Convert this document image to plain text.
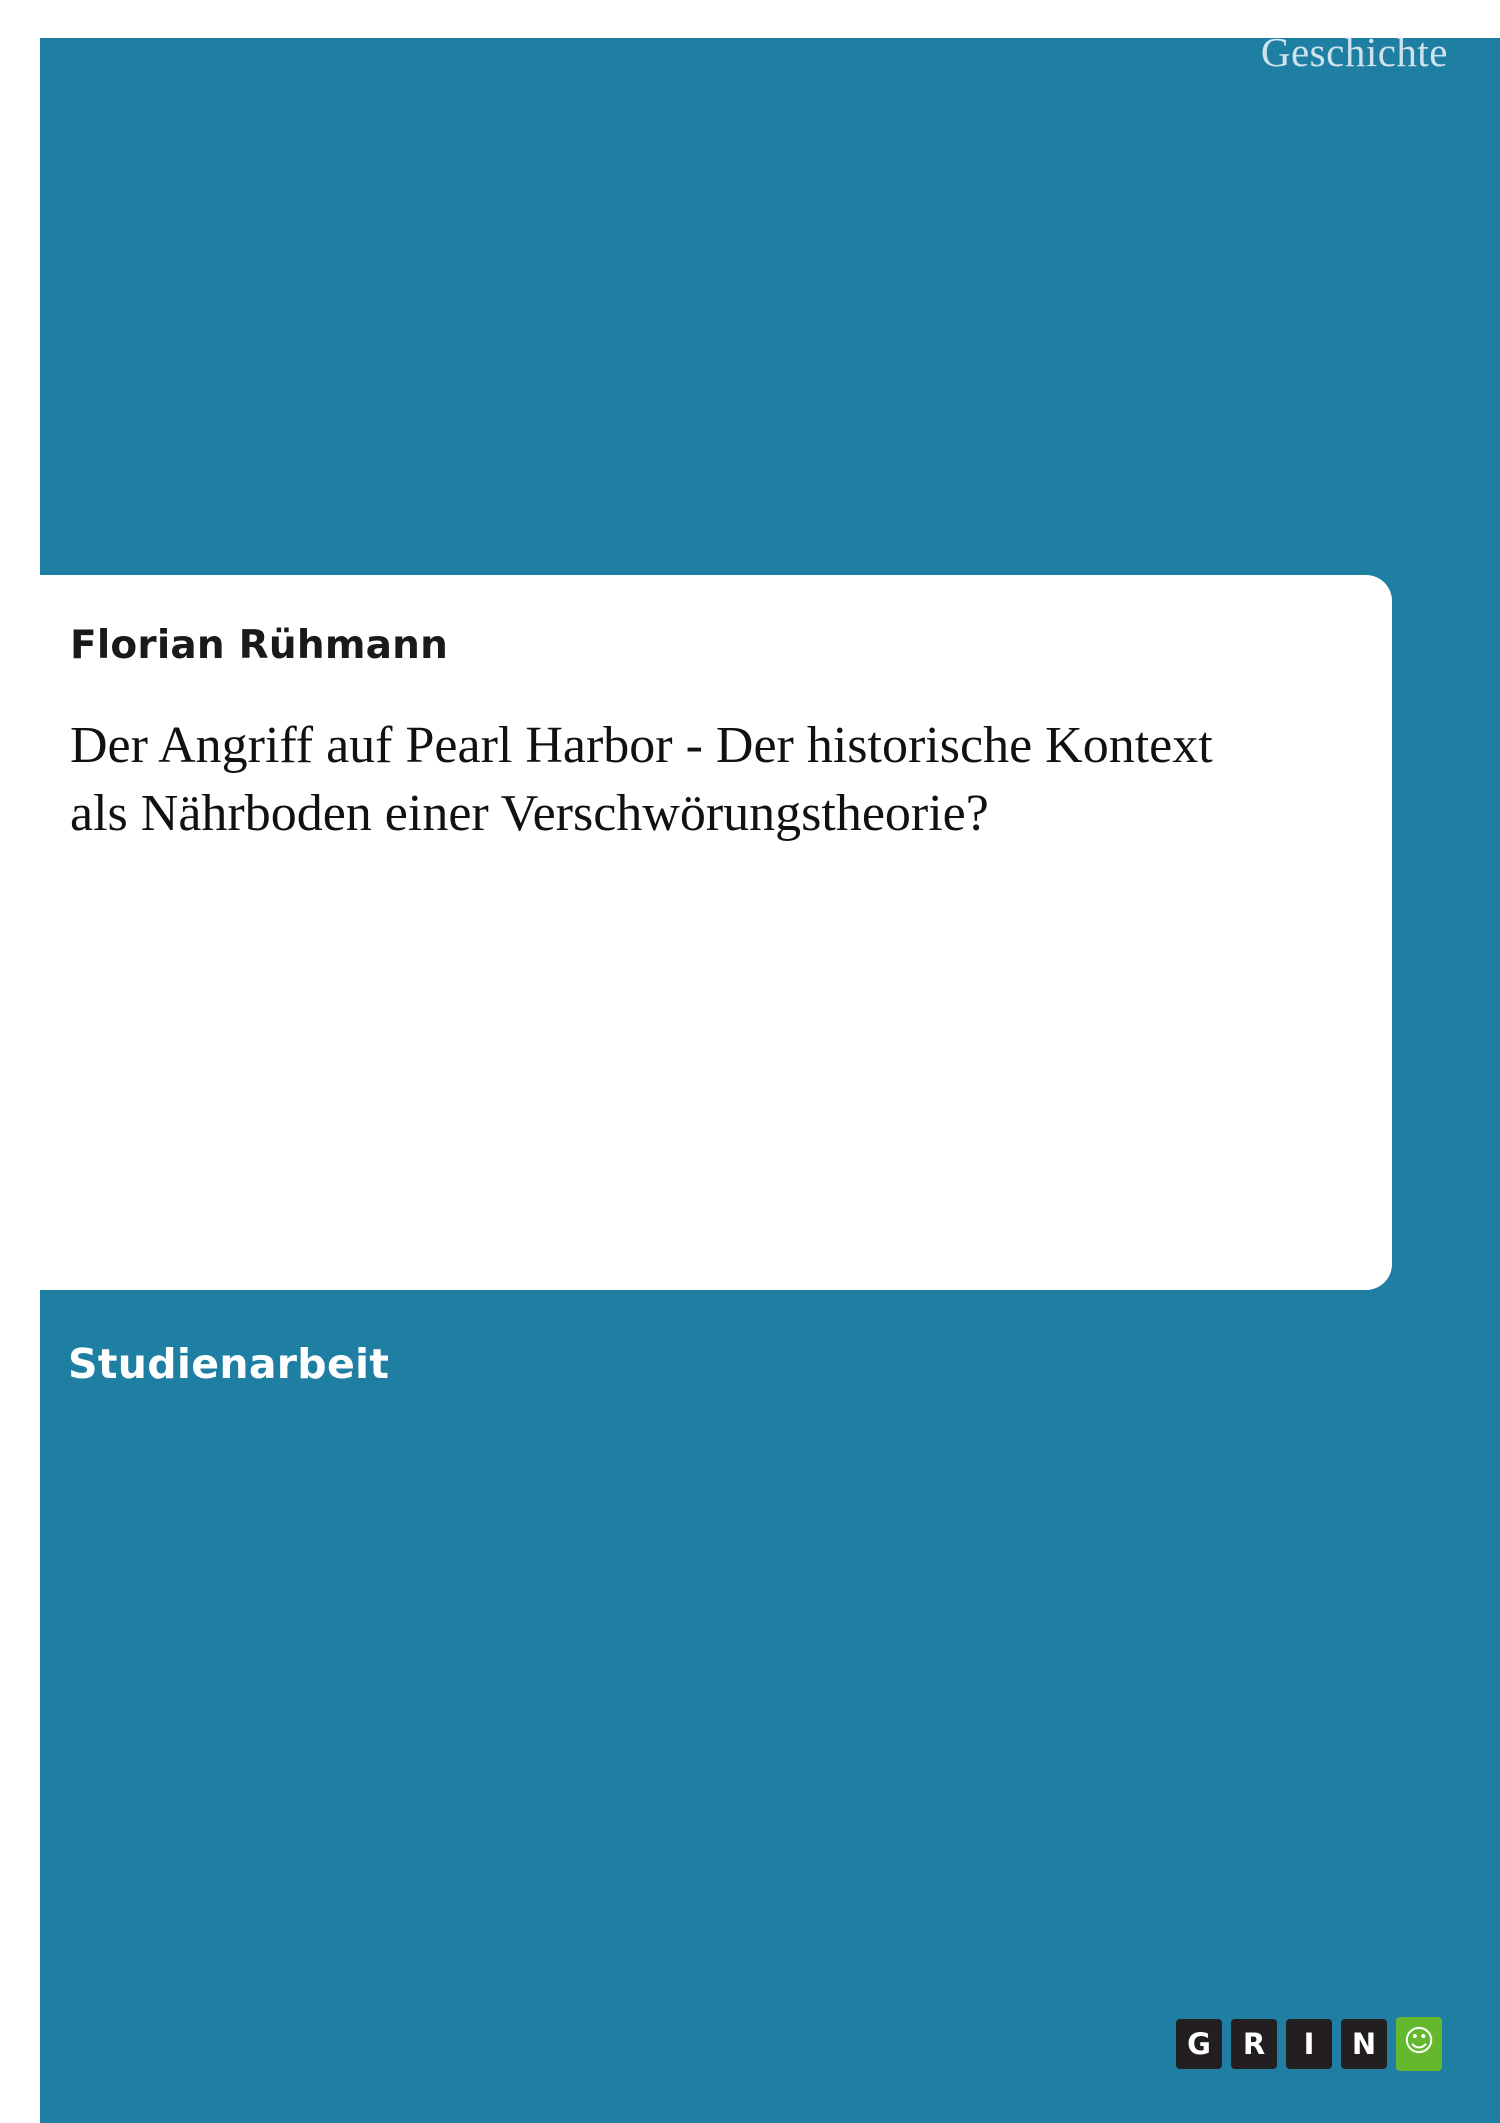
Geschichte
Florian Rühmann
Der Angriff auf Pearl Harbor - Der historische Kontext als Nährboden einer Verschwörungstheorie?
Studienarbeit
G	R	I	N ☺
